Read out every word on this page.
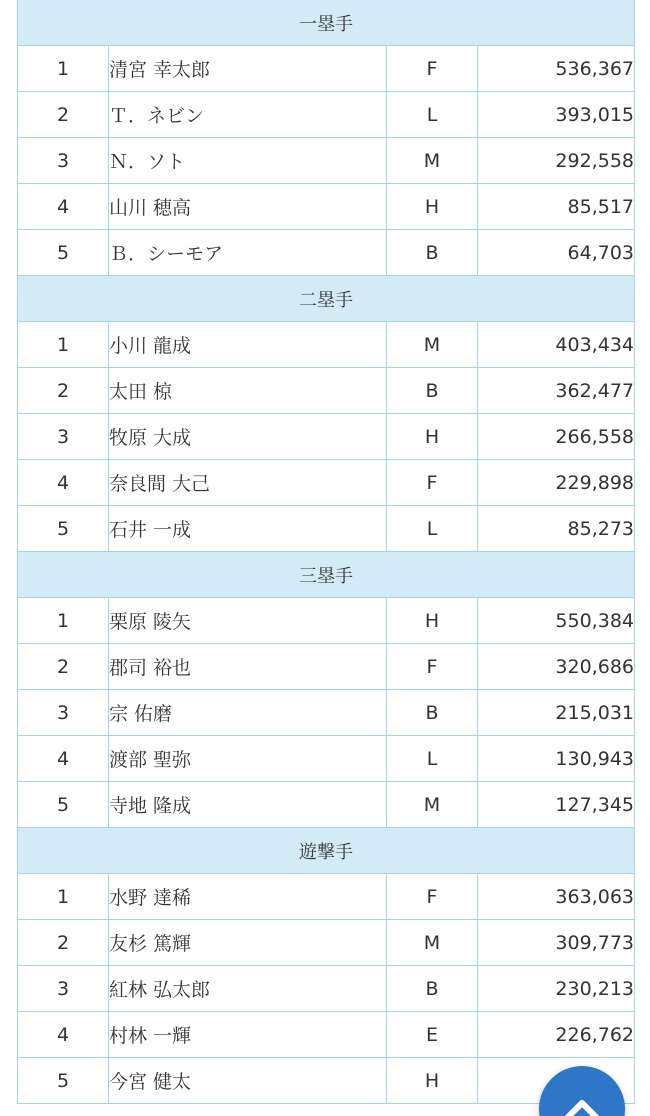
一塁手			
1	清宮 幸太郎	F	536,367
2	Ｔ．ネビン	L	393,015
3	Ｎ．ソト	M	292,558
4	山川 穂高	H	85,517
5	Ｂ．シーモア	B	64,703
二塁手			
1	小川 龍成	M	403,434
2	太田 椋	B	362,477
3	牧原 大成	H	266,558
4	奈良間 大己	F	229,898
5	石井 一成	L	85,273
三塁手			
1	栗原 陵矢	H	550,384
2	郡司 裕也	F	320,686
3	宗 佑磨	B	215,031
4	渡部 聖弥	L	130,943
5	寺地 隆成	M	127,345
遊撃手			
1	水野 達稀	F	363,063
2	友杉 篤輝	M	309,773
3	紅林 弘太郎	B	230,213
4	村林 一輝	E	226,762
5	今宮 健太	H	
